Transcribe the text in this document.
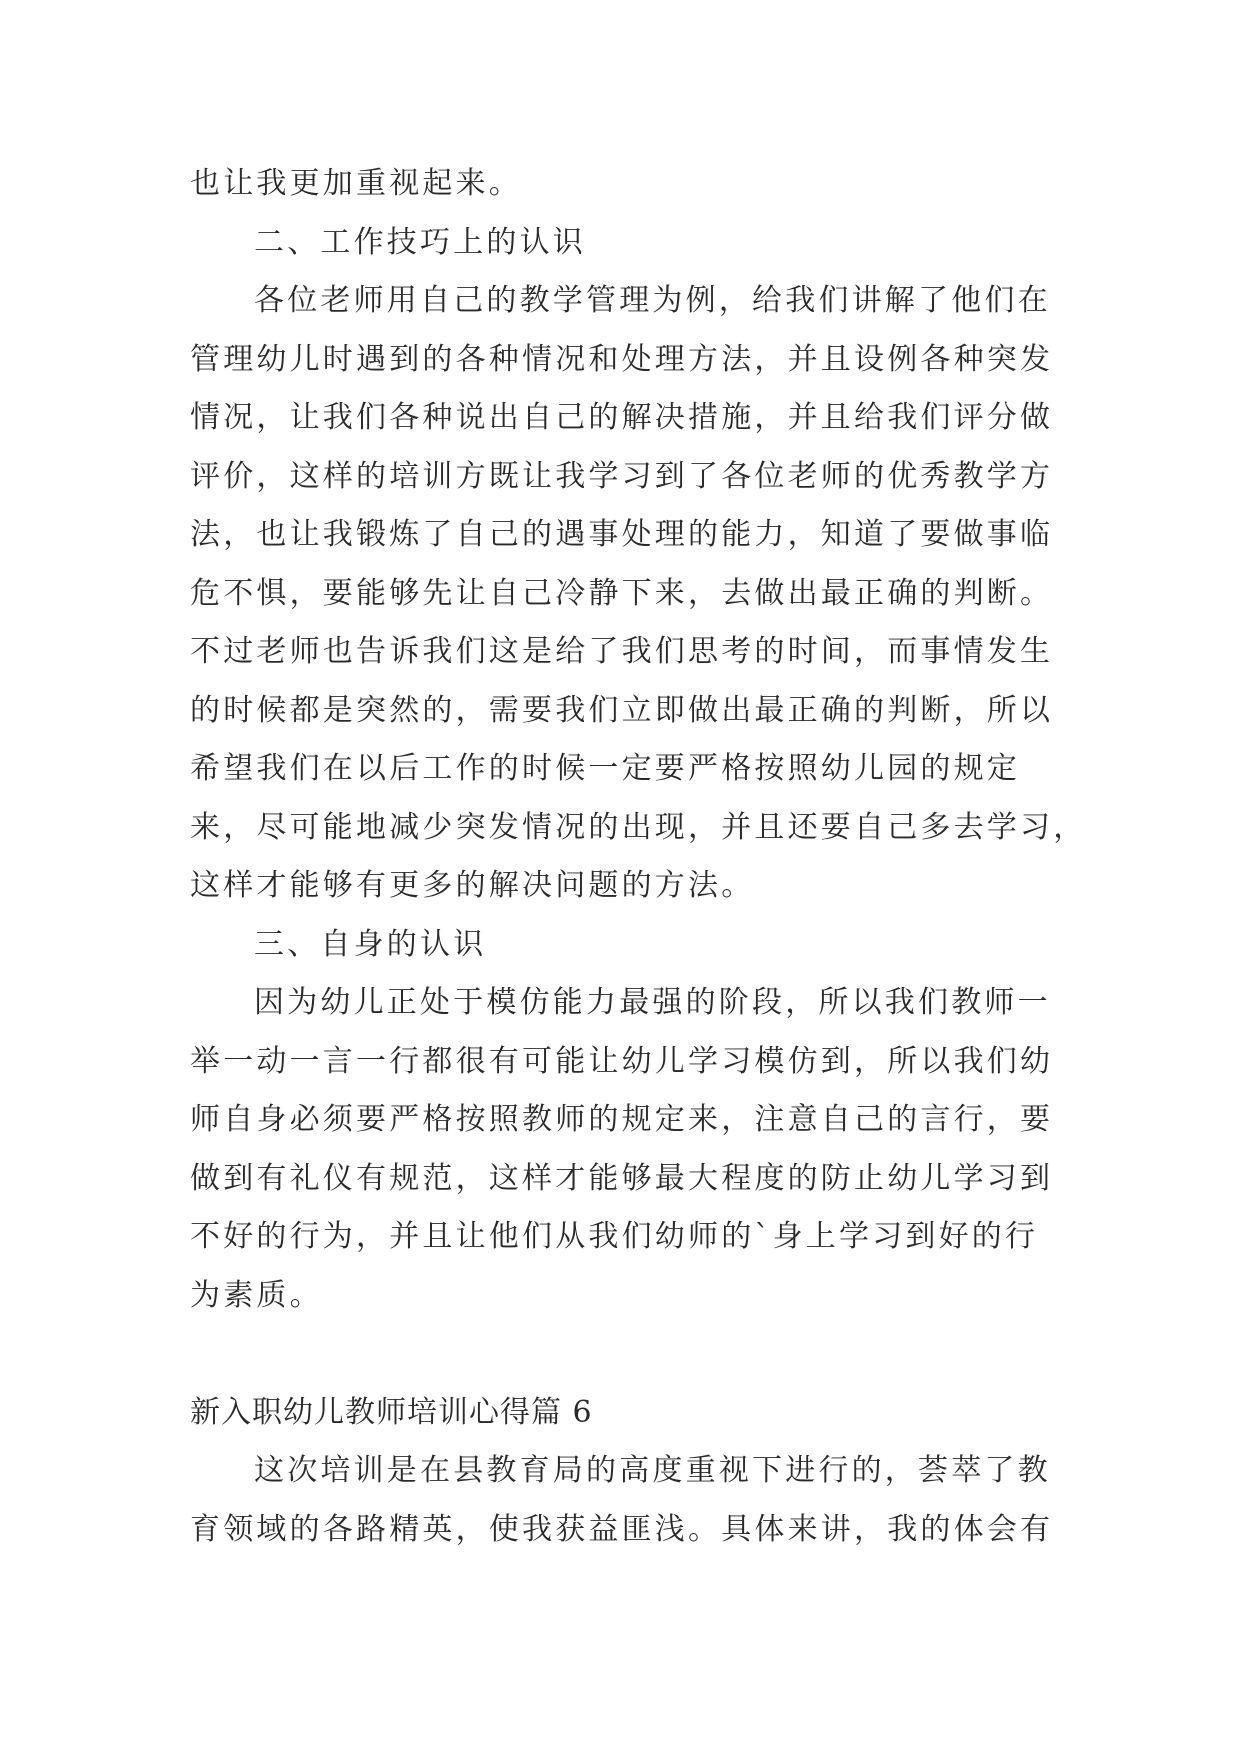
也让我更加重视起来。
二、工作技巧上的认识
各位老师用自己的教学管理为例，给我们讲解了他们在
管理幼儿时遇到的各种情况和处理方法，并且设例各种突发
情况，让我们各种说出自己的解决措施，并且给我们评分做
评价，这样的培训方既让我学习到了各位老师的优秀教学方
法，也让我锻炼了自己的遇事处理的能力，知道了要做事临
危不惧，要能够先让自己冷静下来，去做出最正确的判断。
不过老师也告诉我们这是给了我们思考的时间，而事情发生
的时候都是突然的，需要我们立即做出最正确的判断，所以
希望我们在以后工作的时候一定要严格按照幼儿园的规定
来，尽可能地减少突发情况的出现，并且还要自己多去学习，
这样才能够有更多的解决问题的方法。
三、自身的认识
因为幼儿正处于模仿能力最强的阶段，所以我们教师一
举一动一言一行都很有可能让幼儿学习模仿到，所以我们幼
师自身必须要严格按照教师的规定来，注意自己的言行，要
做到有礼仪有规范，这样才能够最大程度的防止幼儿学习到
不好的行为，并且让他们从我们幼师的`身上学习到好的行
为素质。
新入职幼儿教师培训心得篇 6
这次培训是在县教育局的高度重视下进行的，荟萃了教
育领域的各路精英，使我获益匪浅。具体来讲，我的体会有
